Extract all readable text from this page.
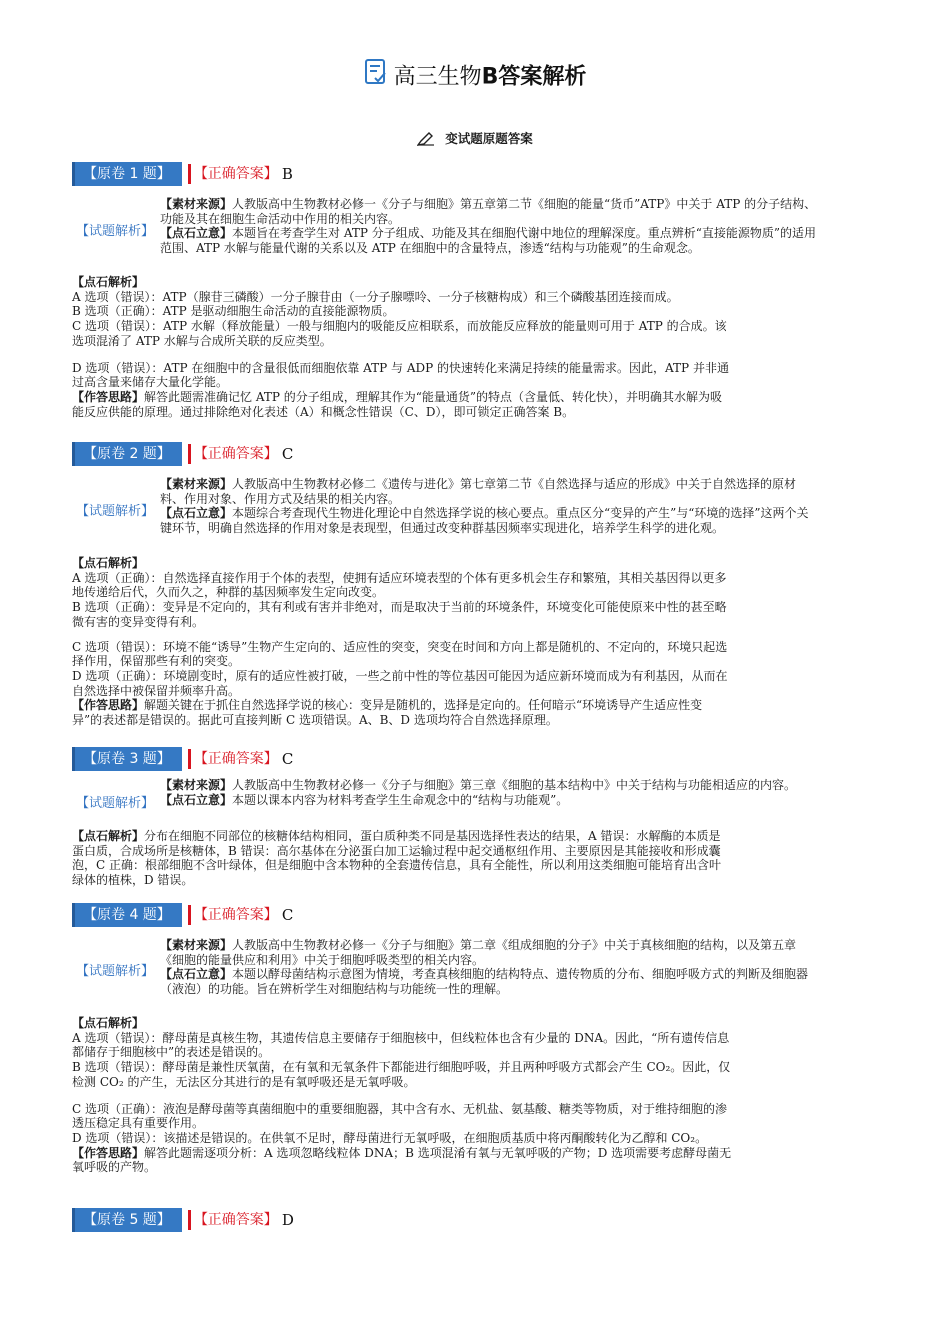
高三生物B答案解析
变试题原题答案
【原卷 1 题】	【正确答案】 B
【试题解析】
【素材来源】人教版高中生物教材必修一《分子与细胞》第五章第二节《细胞的能量“货币”ATP》中关于 ATP 的分子结构、功能及其在细胞生命活动中作用的相关内容。
【点石立意】本题旨在考查学生对 ATP 分子组成、功能及其在细胞代谢中地位的理解深度。重点辨析“直接能源物质”的适用范围、ATP 水解与能量代谢的关系以及 ATP 在细胞中的含量特点，渗透“结构与功能观”的生命观念。
【点石解析】
A 选项（错误）：ATP（腺苷三磷酸）一分子腺苷由（一分子腺嘌呤、一分子核糖构成）和三个磷酸基团连接而成。
B 选项（正确）：ATP 是驱动细胞生命活动的直接能源物质。
C 选项（错误）：ATP 水解（释放能量）一般与细胞内的吸能反应相联系，而放能反应释放的能量则可用于 ATP 的合成。该选项混淆了 ATP 水解与合成所关联的反应类型。
D 选项（错误）：ATP 在细胞中的含量很低而细胞依靠 ATP 与 ADP 的快速转化来满足持续的能量需求。因此，ATP 并非通过高含量来储存大量化学能。
【作答思路】解答此题需准确记忆 ATP 的分子组成，理解其作为“能量通货”的特点（含量低、转化快），并明确其水解为吸能反应供能的原理。通过排除绝对化表述（A）和概念性错误（C、D），即可锁定正确答案 B。
【原卷 2 题】	【正确答案】 C
【试题解析】
【素材来源】人教版高中生物教材必修二《遗传与进化》第七章第二节《自然选择与适应的形成》中关于自然选择的原材料、作用对象、作用方式及结果的相关内容。
【点石立意】本题综合考查现代生物进化理论中自然选择学说的核心要点。重点区分“变异的产生”与“环境的选择”这两个关键环节，明确自然选择的作用对象是表现型，但通过改变种群基因频率实现进化，培养学生科学的进化观。
【点石解析】
A 选项（正确）：自然选择直接作用于个体的表型，使拥有适应环境表型的个体有更多机会生存和繁殖，其相关基因得以更多地传递给后代，久而久之，种群的基因频率发生定向改变。
B 选项（正确）：变异是不定向的，其有利或有害并非绝对，而是取决于当前的环境条件，环境变化可能使原来中性的甚至略微有害的变异变得有利。
C 选项（错误）：环境不能“诱导”生物产生定向的、适应性的突变，突变在时间和方向上都是随机的、不定向的，环境只起选择作用，保留那些有利的突变。
D 选项（正确）：环境剧变时，原有的适应性被打破，一些之前中性的等位基因可能因为适应新环境而成为有利基因，从而在自然选择中被保留并频率升高。
【作答思路】解题关键在于抓住自然选择学说的核心：变异是随机的，选择是定向的。任何暗示“环境诱导产生适应性变异”的表述都是错误的。据此可直接判断 C 选项错误。A、B、D 选项均符合自然选择原理。
【原卷 3 题】	【正确答案】 C
【试题解析】
【素材来源】人教版高中生物教材必修一《分子与细胞》第三章《细胞的基本结构中》中关于结构与功能相适应的内容。
【点石立意】本题以课本内容为材料考查学生生命观念中的“结构与功能观”。
【点石解析】分布在细胞不同部位的核糖体结构相同，蛋白质种类不同是基因选择性表达的结果，A 错误：水解酶的本质是蛋白质，合成场所是核糖体，B 错误：高尔基体在分泌蛋白加工运输过程中起交通枢纽作用、主要原因是其能接收和形成囊泡，C 正确：根部细胞不含叶绿体，但是细胞中含本物种的全套遗传信息，具有全能性，所以利用这类细胞可能培育出含叶绿体的植株，D 错误。
【原卷 4 题】	【正确答案】 C
【试题解析】
【素材来源】人教版高中生物教材必修一《分子与细胞》第二章《组成细胞的分子》中关于真核细胞的结构，以及第五章《细胞的能量供应和利用》中关于细胞呼吸类型的相关内容。
【点石立意】本题以酵母菌结构示意图为情境，考查真核细胞的结构特点、遗传物质的分布、细胞呼吸方式的判断及细胞器（液泡）的功能。旨在辨析学生对细胞结构与功能统一性的理解。
【点石解析】
A 选项（错误）：酵母菌是真核生物，其遗传信息主要储存于细胞核中，但线粒体也含有少量的 DNA。因此，“所有遗传信息都储存于细胞核中”的表述是错误的。
B 选项（错误）：酵母菌是兼性厌氧菌，在有氧和无氧条件下都能进行细胞呼吸，并且两种呼吸方式都会产生 CO₂。因此，仅检测 CO₂ 的产生，无法区分其进行的是有氧呼吸还是无氧呼吸。
C 选项（正确）：液泡是酵母菌等真菌细胞中的重要细胞器，其中含有水、无机盐、氨基酸、糖类等物质，对于维持细胞的渗透压稳定具有重要作用。
D 选项（错误）：该描述是错误的。在供氧不足时，酵母菌进行无氧呼吸，在细胞质基质中将丙酮酸转化为乙醇和 CO₂。
【作答思路】解答此题需逐项分析：A 选项忽略线粒体 DNA；B 选项混淆有氧与无氧呼吸的产物；D 选项需要考虑酵母菌无氧呼吸的产物。
【原卷 5 题】	【正确答案】 D
